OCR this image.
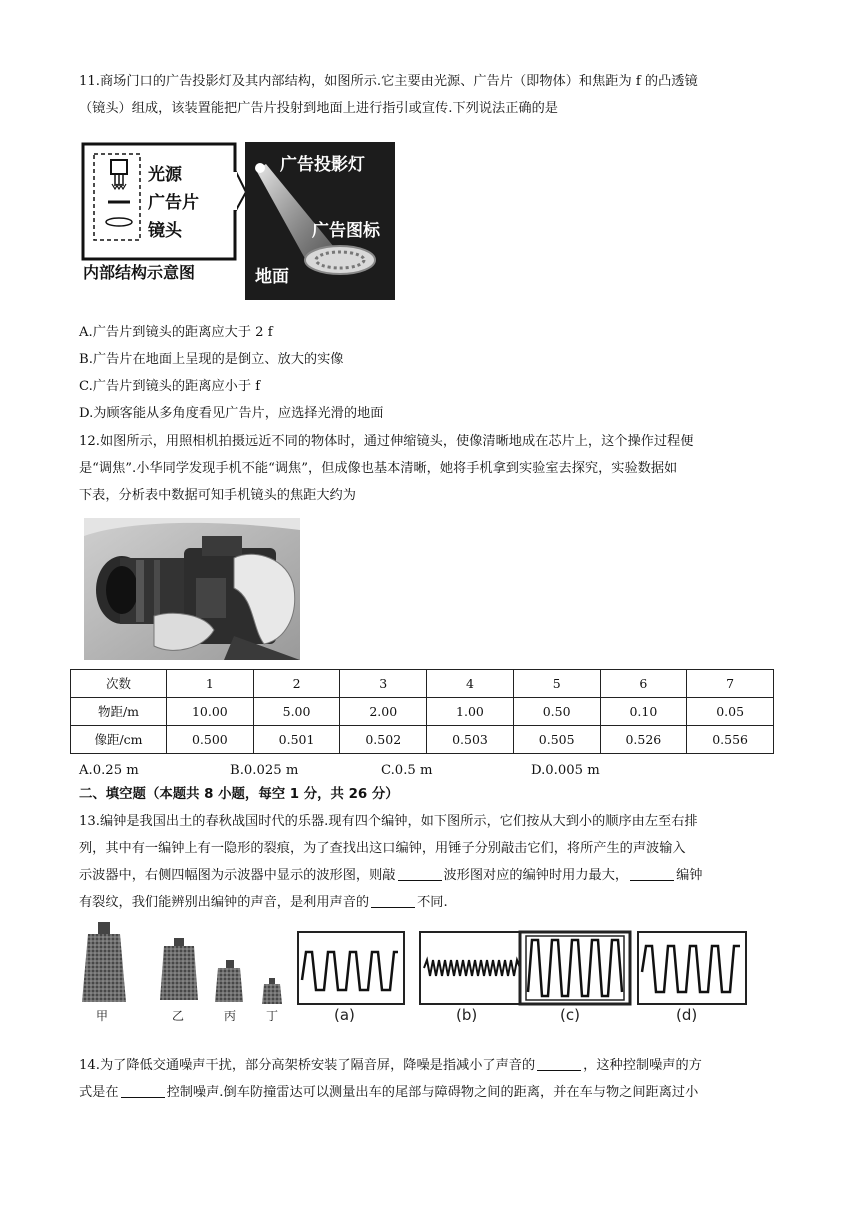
11.商场门口的广告投影灯及其内部结构，如图所示.它主要由光源、广告片（即物体）和焦距为 f 的凸透镜
（镜头）组成，该装置能把广告片投射到地面上进行指引或宣传.下列说法正确的是
光源
广告片
镜头
内部结构示意图
广告投影灯
广告图标
地面
A.广告片到镜头的距离应大于 2 f
B.广告片在地面上呈现的是倒立、放大的实像
C.广告片到镜头的距离应小于 f
D.为顾客能从多角度看见广告片，应选择光滑的地面
12.如图所示，用照相机拍摄远近不同的物体时，通过伸缩镜头，使像清晰地成在芯片上，这个操作过程便
是“调焦”.小华同学发现手机不能“调焦”，但成像也基本清晰，她将手机拿到实验室去探究，实验数据如
下表，分析表中数据可知手机镜头的焦距大约为
次数	1	2	3	4	5	6	7
物距/m	10.00	5.00	2.00	1.00	0.50	0.10	0.05
像距/cm	0.500	0.501	0.502	0.503	0.505	0.526	0.556
A.0.25 m	B.0.025 m	C.0.5 m	D.0.005 m
二、填空题（本题共 8 小题，每空 1 分，共 26 分）
13.编钟是我国出土的春秋战国时代的乐器.现有四个编钟，如下图所示，它们按从大到小的顺序由左至右排
列，其中有一编钟上有一隐形的裂痕，为了查找出这口编钟，用锤子分别敲击它们，将所产生的声波输入
示波器中，右侧四幅图为示波器中显示的波形图，则敲	波形图对应的编钟时用力最大，	编钟
有裂纹，我们能辨别出编钟的声音，是利用声音的	不同.
甲	乙	丙 丁	(a)	(b)	(c)	(d)
14.为了降低交通噪声干扰，部分高架桥安装了隔音屏，降噪是指减小了声音的	，这种控制噪声的方
式是在	控制噪声.倒车防撞雷达可以测量出车的尾部与障碍物之间的距离，并在车与物之间距离过小
